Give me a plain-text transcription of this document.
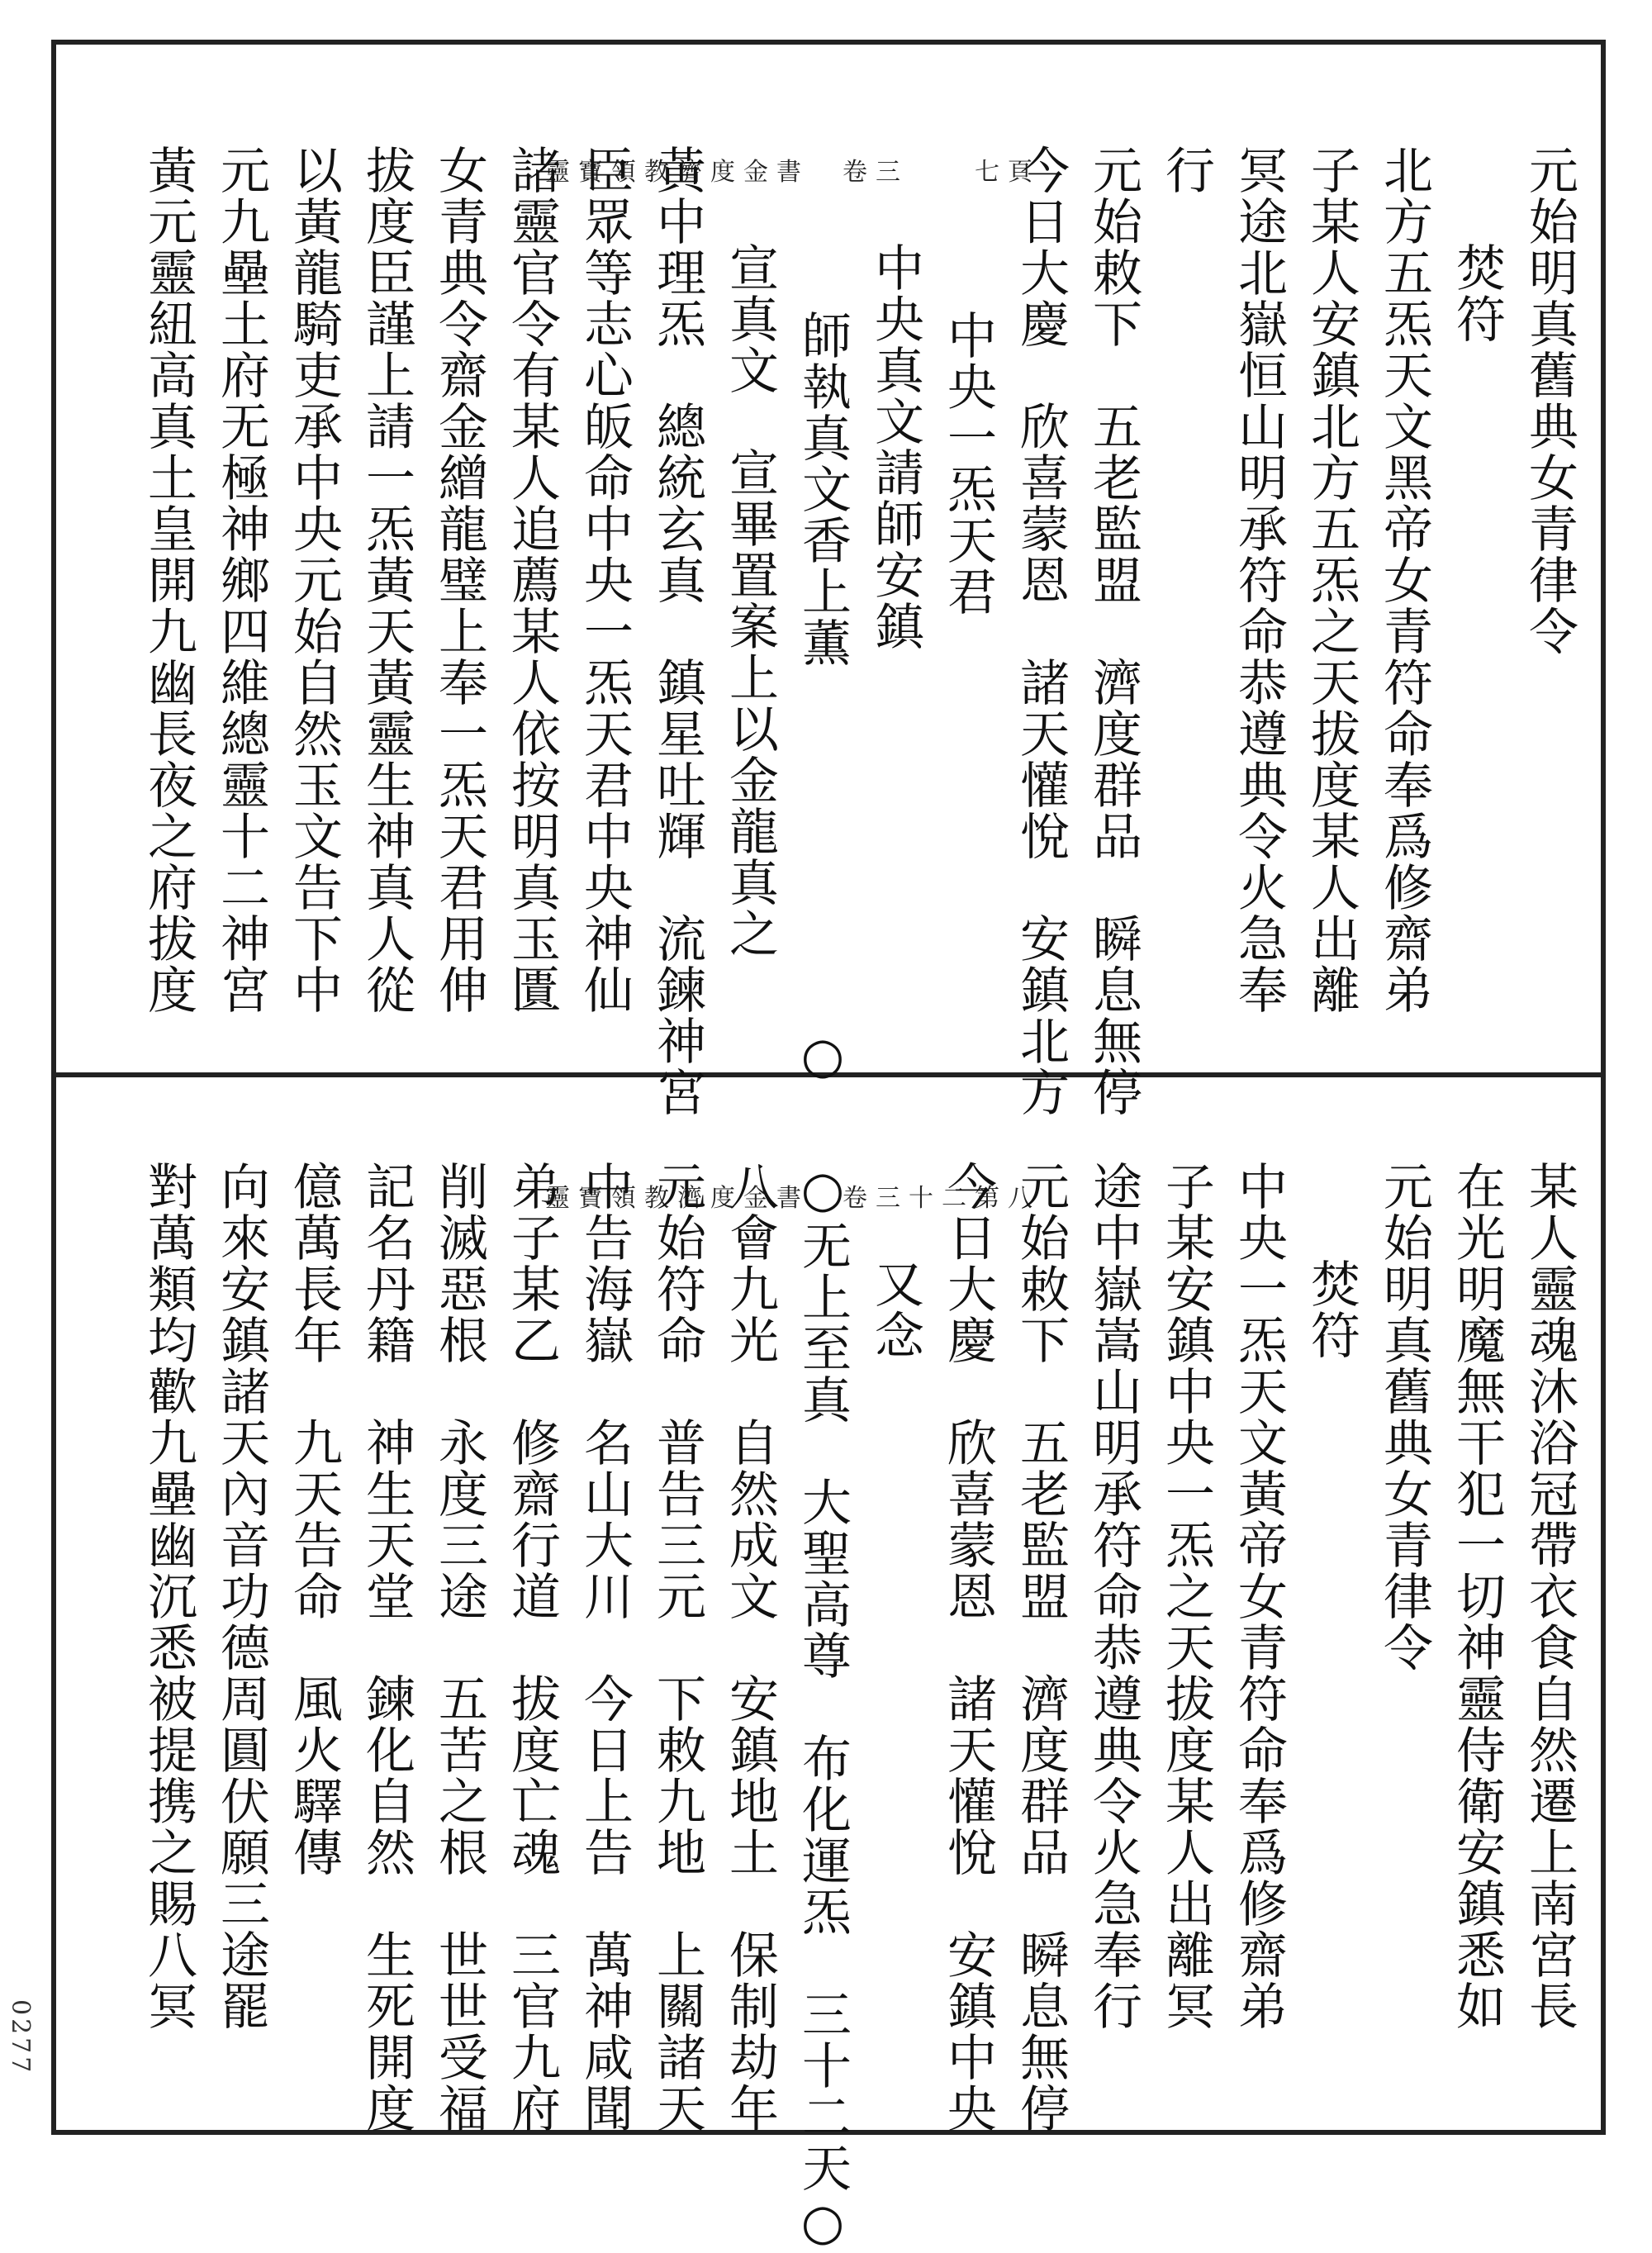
0277
靈寶領教濟度金書　卷三　　七頁
靈寶領教濟度金書　卷三十二第八
元始明真舊典女青律令
焚符
北方五炁天文黑帝女青符命奉爲修齋弟
子某人安鎮北方五炁之天拔度某人出離
冥途北嶽恒山明承符命恭遵典令火急奉
行
元始敕下　五老監盟　濟度群品　瞬息無停
今日大慶　欣喜蒙恩　諸天懽悅　安鎮北方
中央一炁天君
中央真文請師安鎮
師執真文香上薫　　　　　　　○
宣真文　宣畢置案上以金龍真之
黃中理炁　總統玄真　鎮星吐輝　流鍊神宮
臣眾等志心皈命中央一炁天君中央神仙
諸靈官令有某人追薦某人依按明真玉匱
女青典令齋金繒龍璧上奉一炁天君用伸
拔度臣謹上請一炁黃天黃靈生神真人從
以黃龍騎吏承中央元始自然玉文告下中
元九壘土府无極神鄉四維總靈十二神宮
黃元靈紐高真土皇開九幽長夜之府拔度
某人靈魂沐浴冠帶衣食自然遷上南宮長
在光明魔無干犯一切神靈侍衛安鎮悉如
元始明真舊典女青律令
焚符
中央一炁天文黃帝女青符命奉爲修齋弟
子某安鎮中央一炁之天拔度某人出離冥
途中嶽嵩山明承符命恭遵典令火急奉行
元始敕下　五老監盟　濟度群品　瞬息無停
今日大慶　欣喜蒙恩　諸天懽悅　安鎮中央
又念
○无上至真　大聖高尊　布化運炁　三十二天○
八會九光　自然成文　安鎮地土　保制劫年
元始符命　普告三元　下敕九地　上關諸天
中告海嶽　名山大川　今日上告　萬神咸聞
弟子某乙　修齋行道　拔度亡魂　三官九府
削滅惡根　永度三途　五苦之根　世世受福
記名丹籍　神生天堂　鍊化自然　生死開度
億萬長年　九天告命　風火驛傳
向來安鎮諸天內音功德周圓伏願三途罷
對萬類均歡九壘幽沉悉被提携之賜八冥
